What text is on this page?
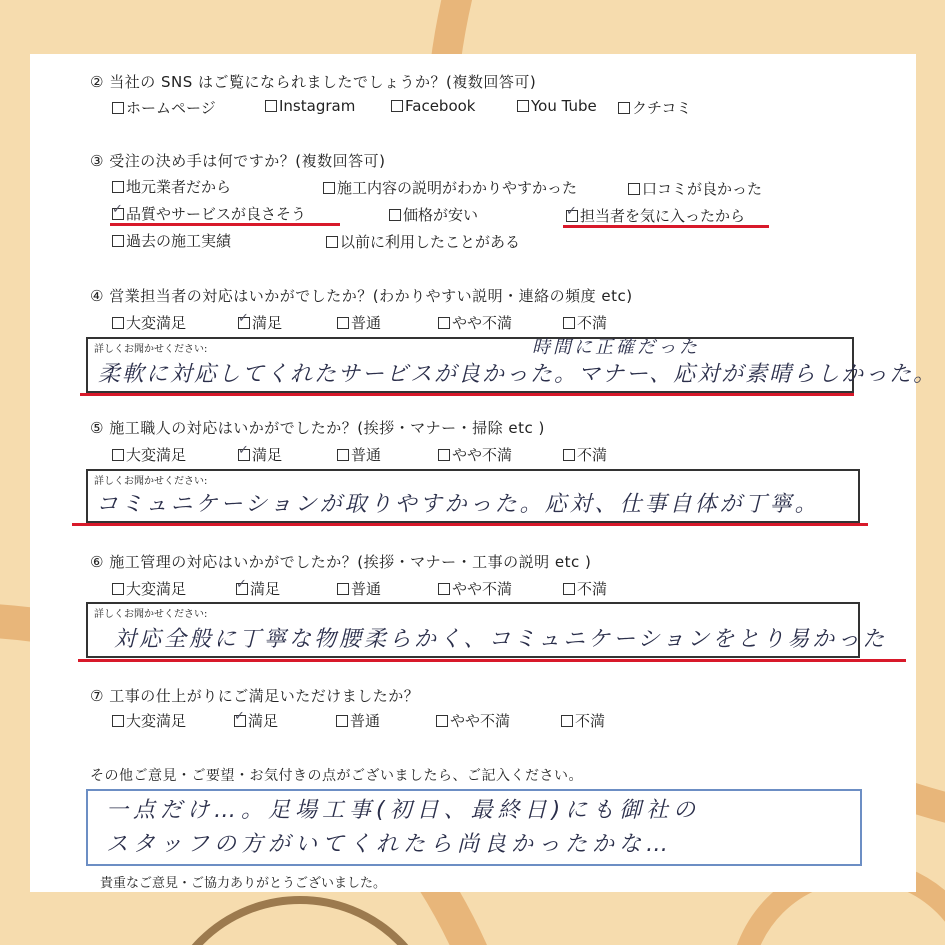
② 当社の SNS はご覧になられましたでしょうか？(複数回答可)
ホームページ	Instagram	Facebook	You Tube	クチコミ
③ 受注の決め手は何ですか？(複数回答可)
地元業者だから	施工内容の説明がわかりやすかった	口コミが良かった
✓品質やサービスが良さそう	価格が安い ✓	担当者を気に入ったから
過去の施工実績	以前に利用したことがある
④ 営業担当者の対応はいかがでしたか？(わかりやすい説明・連絡の頻度 etc)
大変満足 ✓	満足	普通	やや不満	不満
詳しくお聞かせください:	時間に正確だった
柔軟に対応してくれたサービスが良かった。マナー、応対が素晴らしかった。
⑤ 施工職人の対応はいかがでしたか？(挨拶・マナー・掃除 etc )
大変満足 ✓	満足	普通	やや不満	不満
詳しくお聞かせください:
コミュニケーションが取りやすかった。応対、仕事自体が丁寧。
⑥ 施工管理の対応はいかがでしたか？(挨拶・マナー・工事の説明 etc )
大変満足 ✓	満足	普通	やや不満	不満
詳しくお聞かせください:
対応全般に丁寧な物腰柔らかく、コミュニケーションをとり易かった
⑦ 工事の仕上がりにご満足いただけましたか？
大変満足 ✓	満足	普通	やや不満	不満
その他ご意見・ご要望・お気付きの点がございましたら、ご記入ください。
一点だけ…。足場工事(初日、最終日)にも御社の
スタッフの方がいてくれたら尚良かったかな…
貴重なご意見・ご協力ありがとうございました。
